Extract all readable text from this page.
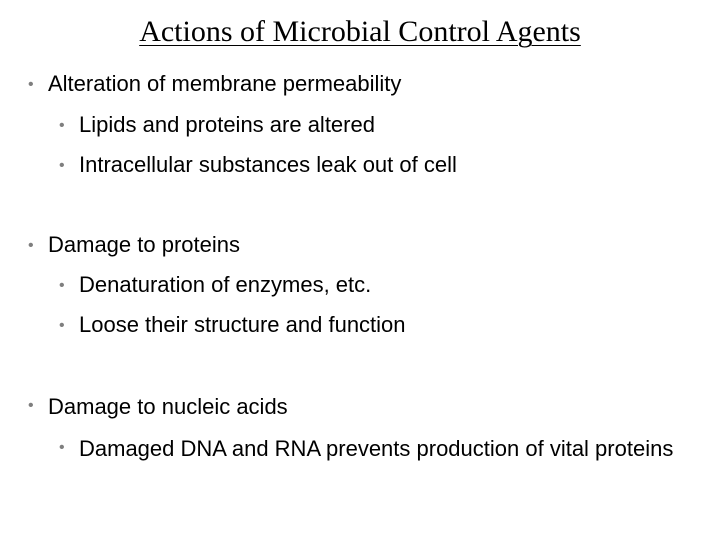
Actions of Microbial Control Agents
• Alteration of membrane permeability
• Lipids and proteins are altered
• Intracellular substances leak out of cell
• Damage to proteins
• Denaturation of enzymes, etc.
• Loose their structure and function
• Damage to nucleic acids
• Damaged DNA and RNA prevents production of vital proteins
